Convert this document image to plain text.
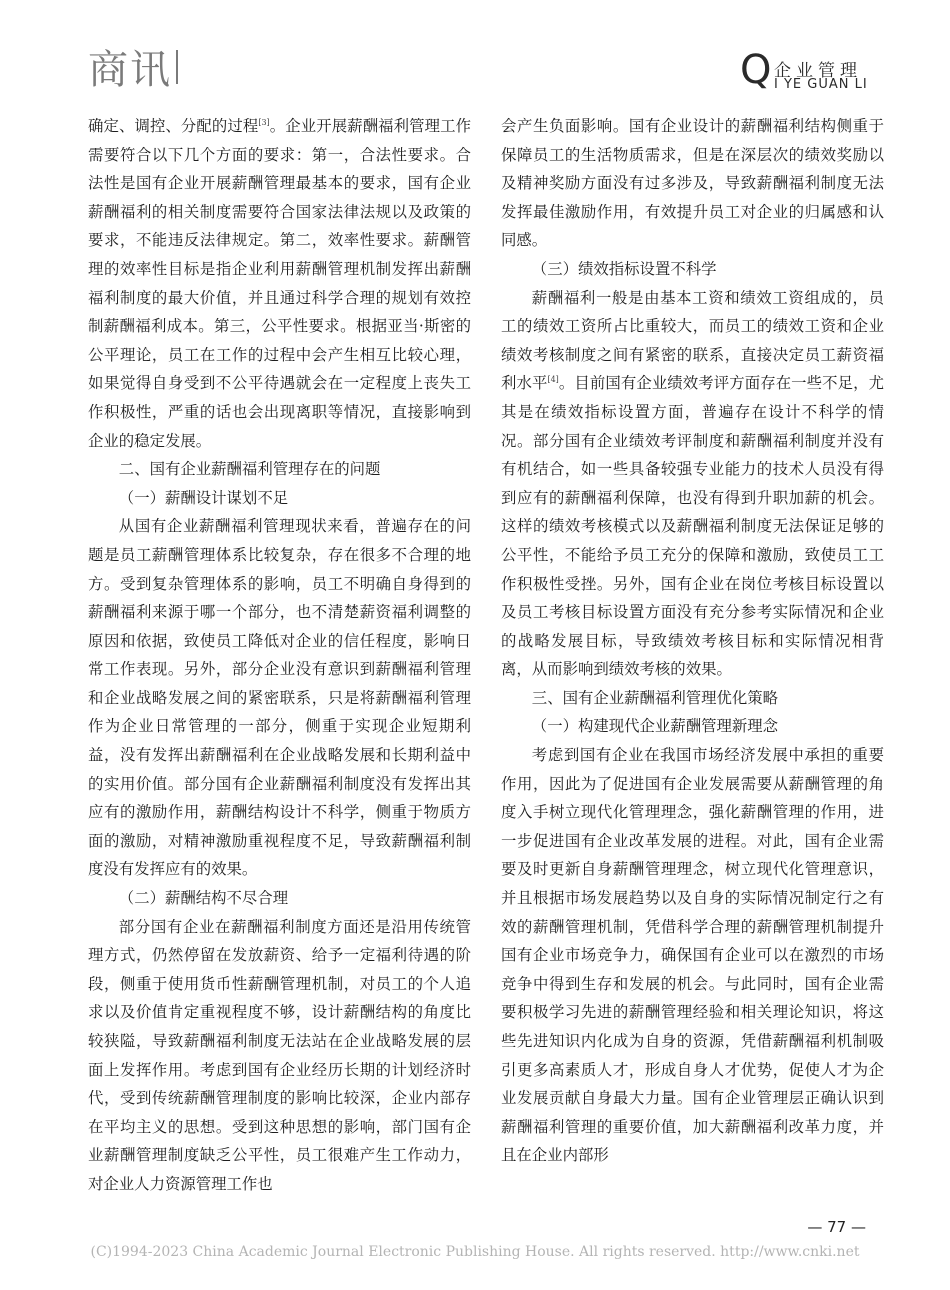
商讯	Q 企业管理
I YE GUAN LI

确定、调控、分配的过程[3]。企业开展薪酬福利管理工作需要符合以下几个方面的要求：第一，合法性要求。合法性是国有企业开展薪酬管理最基本的要求，国有企业薪酬福利的相关制度需要符合国家法律法规以及政策的要求，不能违反法律规定。第二，效率性要求。薪酬管理的效率性目标是指企业利用薪酬管理机制发挥出薪酬福利制度的最大价值，并且通过科学合理的规划有效控制薪酬福利成本。第三，公平性要求。根据亚当·斯密的公平理论，员工在工作的过程中会产生相互比较心理，如果觉得自身受到不公平待遇就会在一定程度上丧失工作积极性，严重的话也会出现离职等情况，直接影响到企业的稳定发展。

二、国有企业薪酬福利管理存在的问题

（一）薪酬设计谋划不足

从国有企业薪酬福利管理现状来看，普遍存在的问题是员工薪酬管理体系比较复杂，存在很多不合理的地方。受到复杂管理体系的影响，员工不明确自身得到的薪酬福利来源于哪一个部分，也不清楚薪资福利调整的原因和依据，致使员工降低对企业的信任程度，影响日常工作表现。另外，部分企业没有意识到薪酬福利管理和企业战略发展之间的紧密联系，只是将薪酬福利管理作为企业日常管理的一部分，侧重于实现企业短期利益，没有发挥出薪酬福利在企业战略发展和长期利益中的实用价值。部分国有企业薪酬福利制度没有发挥出其应有的激励作用，薪酬结构设计不科学，侧重于物质方面的激励，对精神激励重视程度不足，导致薪酬福利制度没有发挥应有的效果。

（二）薪酬结构不尽合理

部分国有企业在薪酬福利制度方面还是沿用传统管理方式，仍然停留在发放薪资、给予一定福利待遇的阶段，侧重于使用货币性薪酬管理机制，对员工的个人追求以及价值肯定重视程度不够，设计薪酬结构的角度比较狭隘，导致薪酬福利制度无法站在企业战略发展的层面上发挥作用。考虑到国有企业经历长期的计划经济时代，受到传统薪酬管理制度的影响比较深，企业内部存在平均主义的思想。受到这种思想的影响，部门国有企业薪酬管理制度缺乏公平性，员工很难产生工作动力，对企业人力资源管理工作也

会产生负面影响。国有企业设计的薪酬福利结构侧重于保障员工的生活物质需求，但是在深层次的绩效奖励以及精神奖励方面没有过多涉及，导致薪酬福利制度无法发挥最佳激励作用，有效提升员工对企业的归属感和认同感。

（三）绩效指标设置不科学

薪酬福利一般是由基本工资和绩效工资组成的，员工的绩效工资所占比重较大，而员工的绩效工资和企业绩效考核制度之间有紧密的联系，直接决定员工薪资福利水平[4]。目前国有企业绩效考评方面存在一些不足，尤其是在绩效指标设置方面，普遍存在设计不科学的情况。部分国有企业绩效考评制度和薪酬福利制度并没有有机结合，如一些具备较强专业能力的技术人员没有得到应有的薪酬福利保障，也没有得到升职加薪的机会。这样的绩效考核模式以及薪酬福利制度无法保证足够的公平性，不能给予员工充分的保障和激励，致使员工工作积极性受挫。另外，国有企业在岗位考核目标设置以及员工考核目标设置方面没有充分参考实际情况和企业的战略发展目标，导致绩效考核目标和实际情况相背离，从而影响到绩效考核的效果。

三、国有企业薪酬福利管理优化策略

（一）构建现代企业薪酬管理新理念

考虑到国有企业在我国市场经济发展中承担的重要作用，因此为了促进国有企业发展需要从薪酬管理的角度入手树立现代化管理理念，强化薪酬管理的作用，进一步促进国有企业改革发展的进程。对此，国有企业需要及时更新自身薪酬管理理念，树立现代化管理意识，并且根据市场发展趋势以及自身的实际情况制定行之有效的薪酬管理机制，凭借科学合理的薪酬管理机制提升国有企业市场竞争力，确保国有企业可以在激烈的市场竞争中得到生存和发展的机会。与此同时，国有企业需要积极学习先进的薪酬管理经验和相关理论知识，将这些先进知识内化成为自身的资源，凭借薪酬福利机制吸引更多高素质人才，形成自身人才优势，促使人才为企业发展贡献自身最大力量。国有企业管理层正确认识到薪酬福利管理的重要价值，加大薪酬福利改革力度，并且在企业内部形

— 77 —
(C)1994-2023 China Academic Journal Electronic Publishing House. All rights reserved. http://www.cnki.net
